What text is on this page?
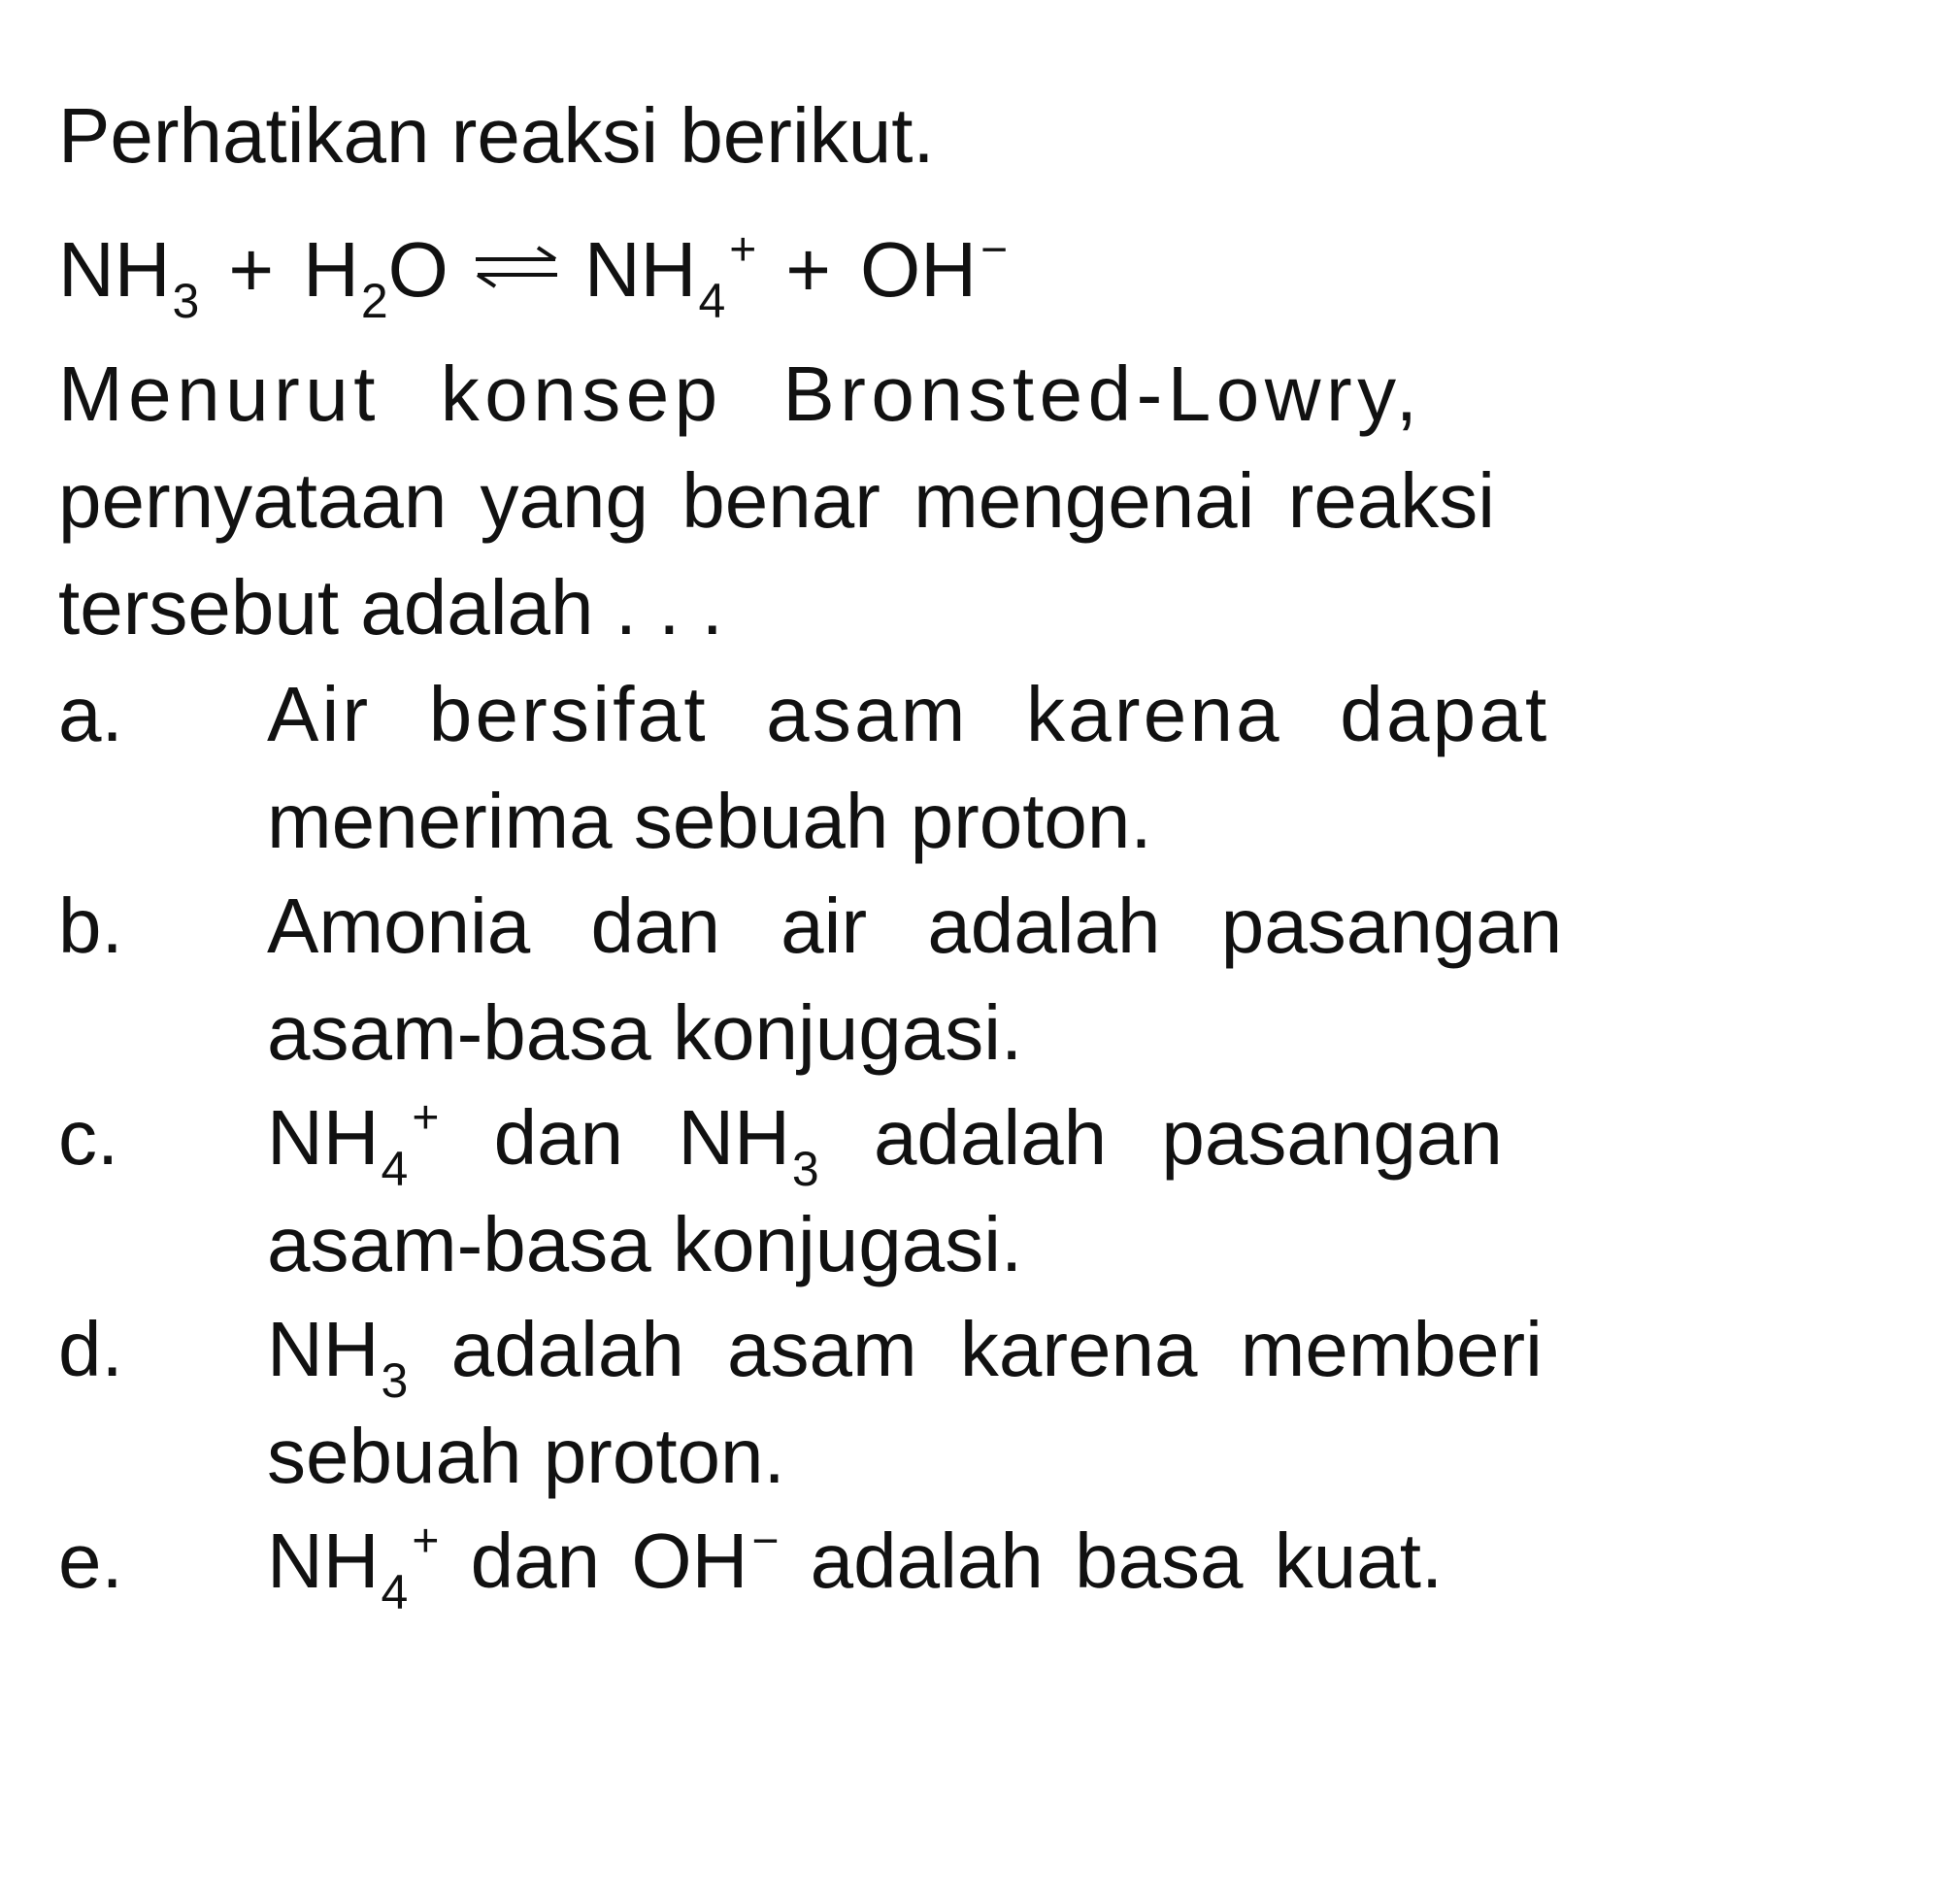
Perhatikan reaksi berikut.
$NH_3 + H_2O$ ⇌ $NH_4^+ + OH^-$
Menurut konsep Bronsted-Lowry,
pernyataan yang benar mengenai reaksi
tersebut adalah . . .
a. Air bersifat asam karena dapat
menerima sebuah proton.
b. Amonia dan air adalah pasangan
asam-basa konjugasi.
c. $NH_4^+$ dan $NH_3$ adalah pasangan
asam-basa konjugasi.
d. $NH_3$ adalah asam karena memberi
sebuah proton.
e. $NH_4^+$ dan OH− adalah basa kuat.
